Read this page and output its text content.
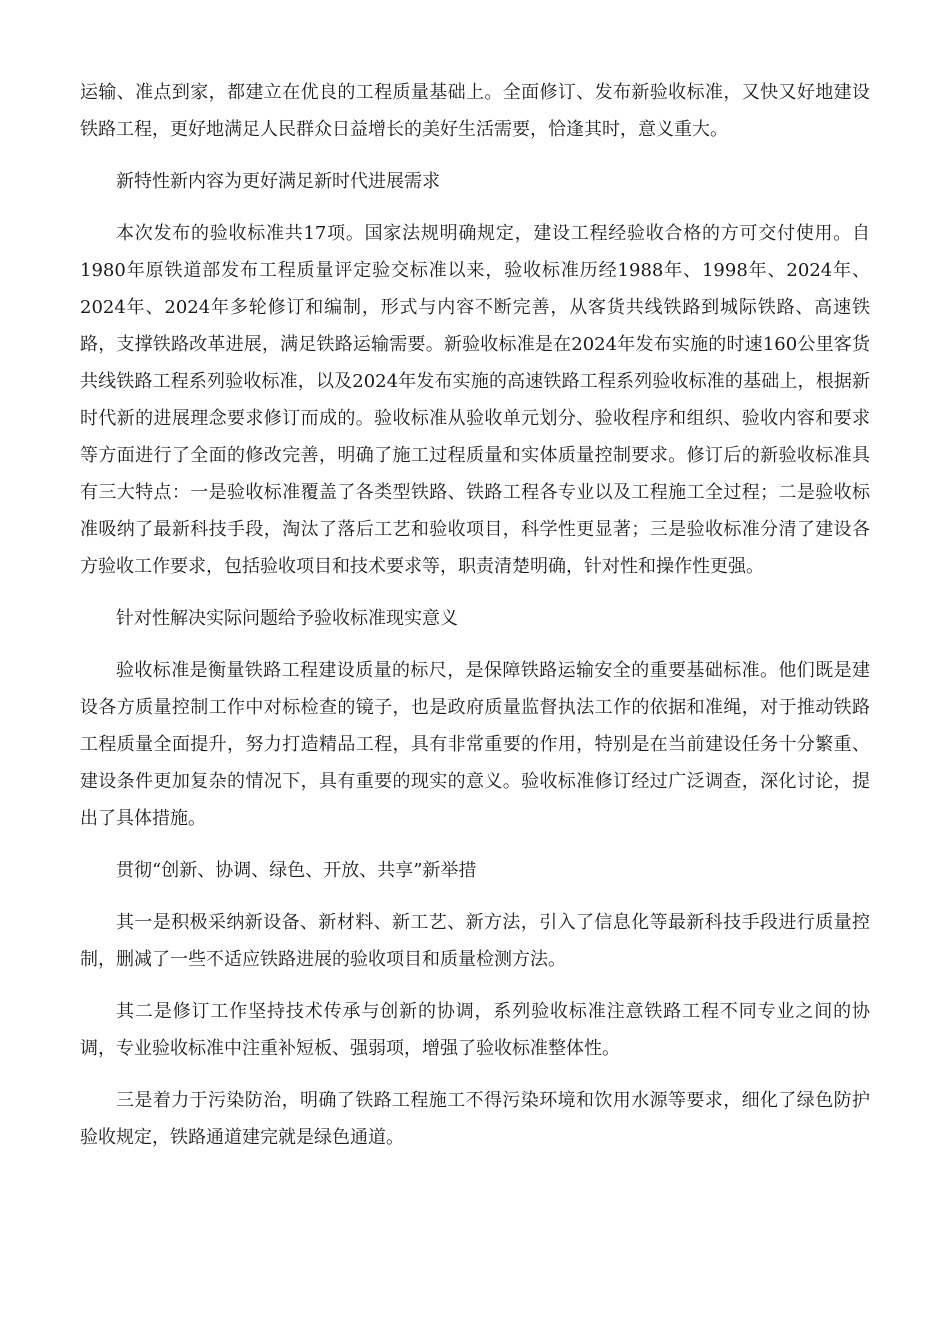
运输、准点到家，都建立在优良的工程质量基础上。全面修订、发布新验收标准，又快又好地建设铁路工程，更好地满足人民群众日益增长的美好生活需要，恰逢其时，意义重大。

新特性新内容为更好满足新时代进展需求

本次发布的验收标准共17项。国家法规明确规定，建设工程经验收合格的方可交付使用。自1980年原铁道部发布工程质量评定验交标准以来，验收标准历经1988年、1998年、2024年、2024年、2024年多轮修订和编制，形式与内容不断完善，从客货共线铁路到城际铁路、高速铁路，支撑铁路改革进展，满足铁路运输需要。新验收标准是在2024年发布实施的时速160公里客货共线铁路工程系列验收标准，以及2024年发布实施的高速铁路工程系列验收标准的基础上，根据新时代新的进展理念要求修订而成的。验收标准从验收单元划分、验收程序和组织、验收内容和要求等方面进行了全面的修改完善，明确了施工过程质量和实体质量控制要求。修订后的新验收标准具有三大特点：一是验收标准覆盖了各类型铁路、铁路工程各专业以及工程施工全过程；二是验收标准吸纳了最新科技手段，淘汰了落后工艺和验收项目，科学性更显著；三是验收标准分清了建设各方验收工作要求，包括验收项目和技术要求等，职责清楚明确，针对性和操作性更强。

针对性解决实际问题给予验收标准现实意义

验收标准是衡量铁路工程建设质量的标尺，是保障铁路运输安全的重要基础标准。他们既是建设各方质量控制工作中对标检查的镜子，也是政府质量监督执法工作的依据和准绳，对于推动铁路工程质量全面提升，努力打造精品工程，具有非常重要的作用，特别是在当前建设任务十分繁重、建设条件更加复杂的情况下，具有重要的现实的意义。验收标准修订经过广泛调查，深化讨论，提出了具体措施。

贯彻“创新、协调、绿色、开放、共享”新举措

其一是积极采纳新设备、新材料、新工艺、新方法，引入了信息化等最新科技手段进行质量控制，删减了一些不适应铁路进展的验收项目和质量检测方法。

其二是修订工作坚持技术传承与创新的协调，系列验收标准注意铁路工程不同专业之间的协调，专业验收标准中注重补短板、强弱项，增强了验收标准整体性。

三是着力于污染防治，明确了铁路工程施工不得污染环境和饮用水源等要求，细化了绿色防护验收规定，铁路通道建完就是绿色通道。
